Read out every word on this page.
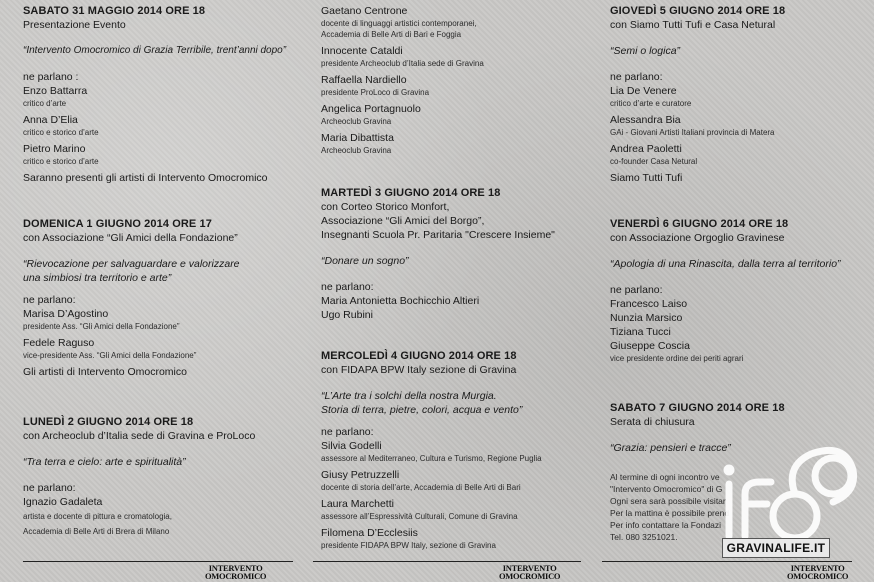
SABATO 31 MAGGIO 2014 ORE 18
Presentazione Evento
“Intervento Omocromico di Grazia Terribile, trent’anni dopo”
ne parlano :
Enzo Battarra
critico d’arte
Anna D’Elia
critico e storico d’arte
Pietro Marino
critico e storico d’arte
Saranno presenti gli artisti di Intervento Omocromico
DOMENICA 1 GIUGNO 2014 ORE 17
con Associazione “Gli Amici della Fondazione”
“Rievocazione per salvaguardare e valorizzare
una simbiosi tra territorio e arte”
ne parlano:
Marisa D’Agostino
presidente Ass. “Gli Amici della Fondazione”
Fedele Raguso
vice-presidente Ass. “Gli Amici della Fondazione”
Gli artisti di Intervento Omocromico
LUNEDÌ 2 GIUGNO 2014 ORE 18
con Archeoclub d’Italia sede di Gravina e ProLoco
“Tra terra e cielo: arte e spiritualità”
ne parlano:
Ignazio Gadaleta
artista e docente di pittura e cromatologia,
Accademia di Belle Arti di Brera di Milano
Gaetano Centrone
docente di linguaggi artistici contemporanei,
Accademia di Belle Arti di Bari e Foggia
Innocente Cataldi
presidente Archeoclub d’Italia sede di Gravina
Raffaella Nardiello
presidente ProLoco di Gravina
Angelica Portagnuolo
Archeoclub Gravina
Maria Dibattista
Archeoclub Gravina
MARTEDÌ 3 GIUGNO 2014 ORE 18
con Corteo Storico Monfort,
Associazione “Gli Amici del Borgo”,
Insegnanti Scuola Pr. Paritaria "Crescere Insieme"
“Donare un sogno”
ne parlano:
Maria Antonietta Bochicchio Altieri
Ugo Rubini
MERCOLEDÌ 4 GIUGNO 2014 ORE 18
con FIDAPA BPW Italy sezione di Gravina
“L’Arte tra i solchi della nostra Murgia.
Storia di terra, pietre, colori, acqua e vento”
ne parlano:
Silvia Godelli
assessore al Mediterraneo, Cultura e Turismo, Regione Puglia
Giusy Petruzzelli
docente di storia dell’arte, Accademia di Belle Arti di Bari
Laura Marchetti
assessore all’Espressività Culturali, Comune di Gravina
Filomena D’Ecclesiis
presidente FIDAPA BPW Italy, sezione di Gravina
GIOVEDÌ 5 GIUGNO 2014 ORE 18
con Siamo Tutti Tufi e Casa Netural
“Semi o logica”
ne parlano:
Lia De Venere
critico d’arte e curatore
Alessandra Bia
GAi - Giovani Artisti Italiani provincia di Matera
Andrea Paoletti
co-founder Casa Netural
Siamo Tutti Tufi
VENERDÌ 6 GIUGNO 2014 ORE 18
con Associazione Orgoglio Gravinese
“Apologia di una Rinascita, dalla terra al territorio”
ne parlano:
Francesco Laiso
Nunzia Marsico
Tiziana Tucci
Giuseppe Coscia
vice presidente ordine dei periti agrari
SABATO 7 GIUGNO 2014 ORE 18
Serata di chiusura
“Grazia: pensieri e tracce”
Al termine di ogni incontro ve
"Intervento Omocromico" di G
Ogni sera sarà possibile visitar
Per la mattina è possibile prend
Per info contattare la Fondazi
Tel. 080 3251021.
INTERVENTO
OMOCROMICO
INTERVENTO
OMOCROMICO
INTERVENTO
OMOCROMICO
GRAVINALIFE.IT
